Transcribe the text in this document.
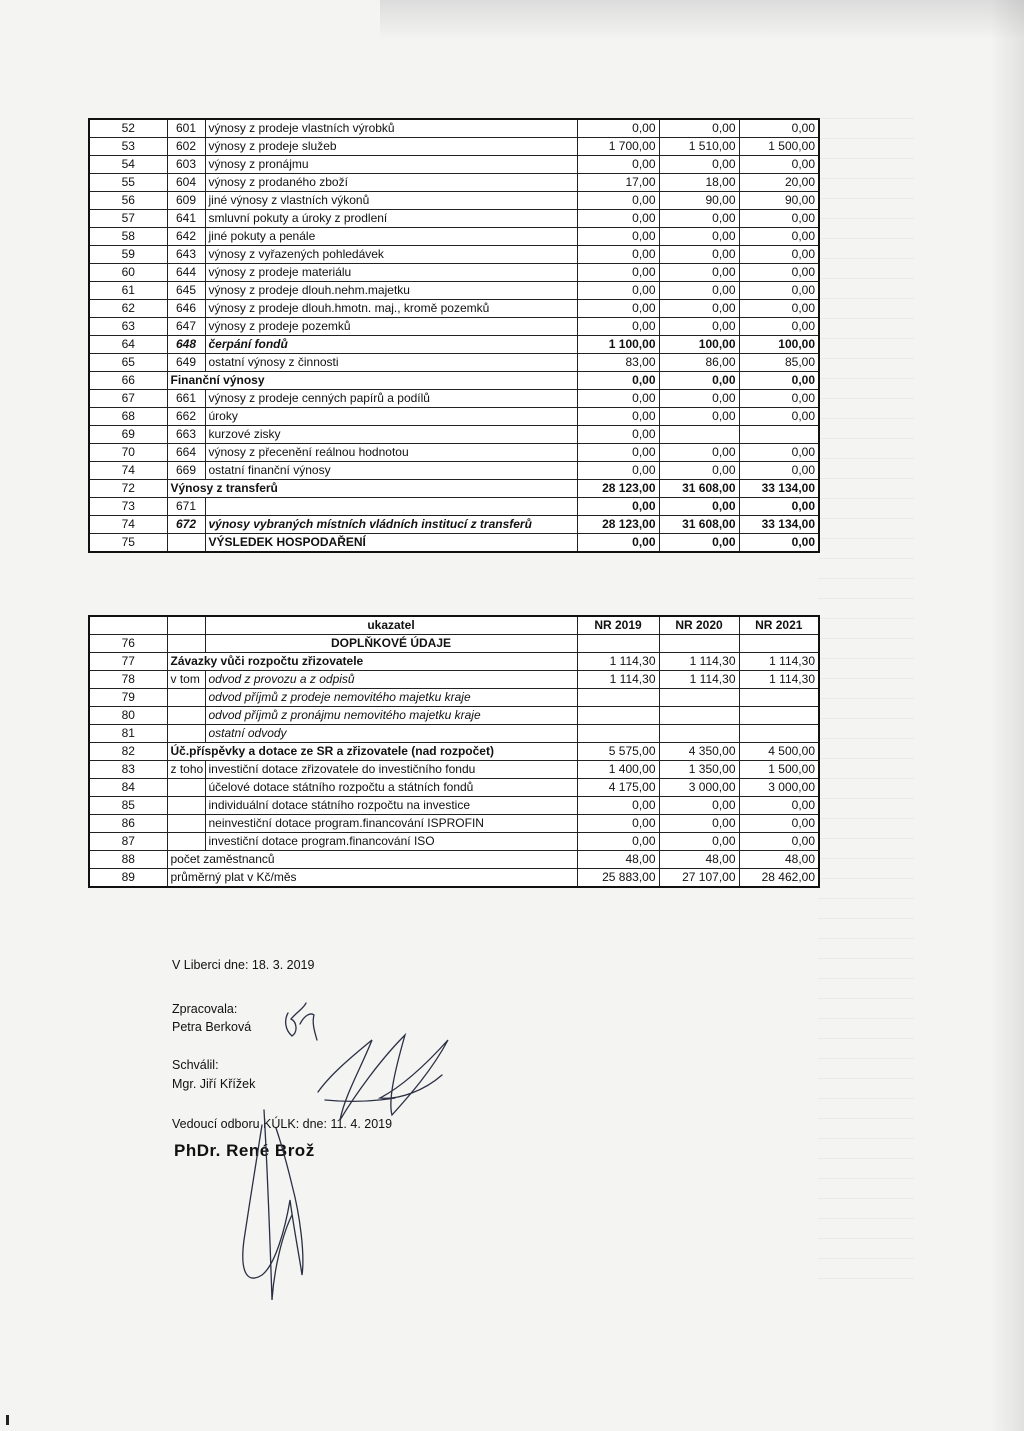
52	601	výnosy z prodeje vlastních výrobků	0,00	0,00	0,00
53	602	výnosy z prodeje služeb	1 700,00	1 510,00	1 500,00
54	603	výnosy z pronájmu	0,00	0,00	0,00
55	604	výnosy z prodaného zboží	17,00	18,00	20,00
56	609	jiné výnosy z vlastních výkonů	0,00	90,00	90,00
57	641	smluvní pokuty a úroky z prodlení	0,00	0,00	0,00
58	642	jiné pokuty a penále	0,00	0,00	0,00
59	643	výnosy z vyřazených pohledávek	0,00	0,00	0,00
60	644	výnosy z prodeje materiálu	0,00	0,00	0,00
61	645	výnosy z prodeje dlouh.nehm.majetku	0,00	0,00	0,00
62	646	výnosy z prodeje dlouh.hmotn. maj., kromě pozemků	0,00	0,00	0,00
63	647	výnosy z prodeje pozemků	0,00	0,00	0,00
64	648	čerpání fondů	1 100,00	100,00	100,00
65	649	ostatní výnosy z činnosti	83,00	86,00	85,00
66	Finanční výnosy		0,00	0,00	0,00
67	661	výnosy z prodeje cenných papírů a podílů	0,00	0,00	0,00
68	662	úroky	0,00	0,00	0,00
69	663	kurzové zisky	0,00		
70	664	výnosy z přecenění reálnou hodnotou	0,00	0,00	0,00
74	669	ostatní finanční výnosy	0,00	0,00	0,00
72	Výnosy z transferů		28 123,00	31 608,00	33 134,00
73	671		0,00	0,00	0,00
74	672	výnosy vybraných místních vládních institucí z transferů	28 123,00	31 608,00	33 134,00
75		VÝSLEDEK HOSPODAŘENÍ	0,00	0,00	0,00
		ukazatel	NR 2019	NR 2020	NR 2021
76		DOPLŇKOVÉ ÚDAJE			
77	Závazky vůči rozpočtu zřizovatele		1 114,30	1 114,30	1 114,30
78	v tom	odvod z provozu a z odpisů	1 114,30	1 114,30	1 114,30
79		odvod příjmů z prodeje nemovitého majetku kraje			
80		odvod příjmů z pronájmu nemovitého majetku kraje			
81		ostatní odvody			
82	Úč.příspěvky a dotace ze SR a zřizovatele (nad rozpočet)		5 575,00	4 350,00	4 500,00
83	z toho	investiční dotace zřizovatele do investičního fondu	1 400,00	1 350,00	1 500,00
84		účelové dotace státního rozpočtu a státních fondů	4 175,00	3 000,00	3 000,00
85		individuální dotace státního rozpočtu na investice	0,00	0,00	0,00
86		neinvestiční dotace program.financování ISPROFIN	0,00	0,00	0,00
87		investiční dotace program.financování ISO	0,00	0,00	0,00
88	počet zaměstnanců		48,00	48,00	48,00
89	průměrný plat v Kč/měs		25 883,00	27 107,00	28 462,00
V Liberci dne: 18. 3. 2019
Zpracovala:
Petra Berková
Schválil:
Mgr. Jiří Křížek
Vedoucí odboru KÚLK: dne: 11. 4. 2019
PhDr. René Brož
